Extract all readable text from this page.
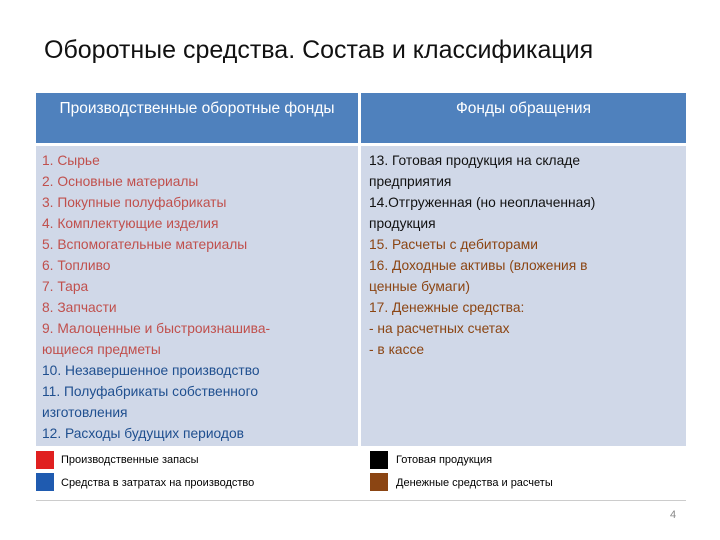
Оборотные средства. Состав и классификация
Производственные оборотные фонды	Фонды обращения
1. Сырье
2. Основные материалы
3. Покупные полуфабрикаты
4. Комплектующие изделия
5. Вспомогательные материалы
6. Топливо
7. Тара
8. Запчасти
9. Малоценные и быстроизнашива-
ющиеся предметы
10. Незавершенное производство
11. Полуфабрикаты собственного
изготовления
12. Расходы будущих периодов
13. Готовая продукция на складе
предприятия
14.Отгруженная (но неоплаченная)
продукция
15. Расчеты с дебиторами
16. Доходные активы (вложения в
ценные бумаги)
17. Денежные средства:
- на расчетных счетах
- в кассе
Производственные запасы
Средства в затратах на производство
Готовая продукция
Денежные средства и расчеты
4
